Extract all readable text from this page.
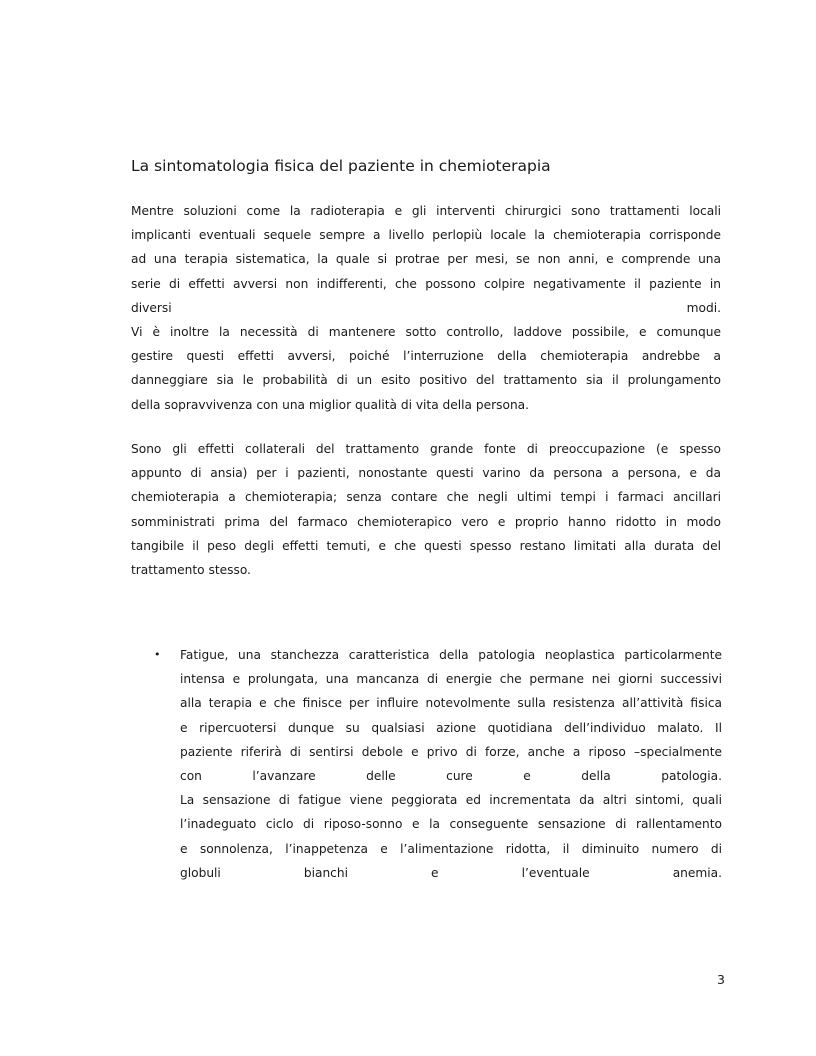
La sintomatologia fisica del paziente in chemioterapia

Mentre soluzioni come la radioterapia e gli interventi chirurgici sono trattamenti locali
implicanti eventuali sequele sempre a livello perlopiù locale la chemioterapia corrisponde
ad una terapia sistematica, la quale si protrae per mesi, se non anni, e comprende una
serie di effetti avversi non indifferenti, che possono colpire negativamente il paziente in
diversi modi.
Vi è inoltre la necessità di mantenere sotto controllo, laddove possibile, e comunque
gestire questi effetti avversi, poiché l’interruzione della chemioterapia andrebbe a
danneggiare sia le probabilità di un esito positivo del trattamento sia il prolungamento
della sopravvivenza con una miglior qualità di vita della persona.

Sono gli effetti collaterali del trattamento grande fonte di preoccupazione (e spesso
appunto di ansia) per i pazienti, nonostante questi varino da persona a persona, e da
chemioterapia a chemioterapia; senza contare che negli ultimi tempi i farmaci ancillari
somministrati prima del farmaco chemioterapico vero e proprio hanno ridotto in modo
tangibile il peso degli effetti temuti, e che questi spesso restano limitati alla durata del
trattamento stesso.

• Fatigue, una stanchezza caratteristica della patologia neoplastica particolarmente
intensa e prolungata, una mancanza di energie che permane nei giorni successivi
alla terapia e che finisce per influire notevolmente sulla resistenza all’attività fisica
e ripercuotersi dunque su qualsiasi azione quotidiana dell’individuo malato. Il
paziente riferirà di sentirsi debole e privo di forze, anche a riposo –specialmente
con l’avanzare delle cure e della patologia.
La sensazione di fatigue viene peggiorata ed incrementata da altri sintomi, quali
l’inadeguato ciclo di riposo-sonno e la conseguente sensazione di rallentamento
e sonnolenza, l’inappetenza e l’alimentazione ridotta, il diminuito numero di
globuli bianchi e l’eventuale anemia.
3
